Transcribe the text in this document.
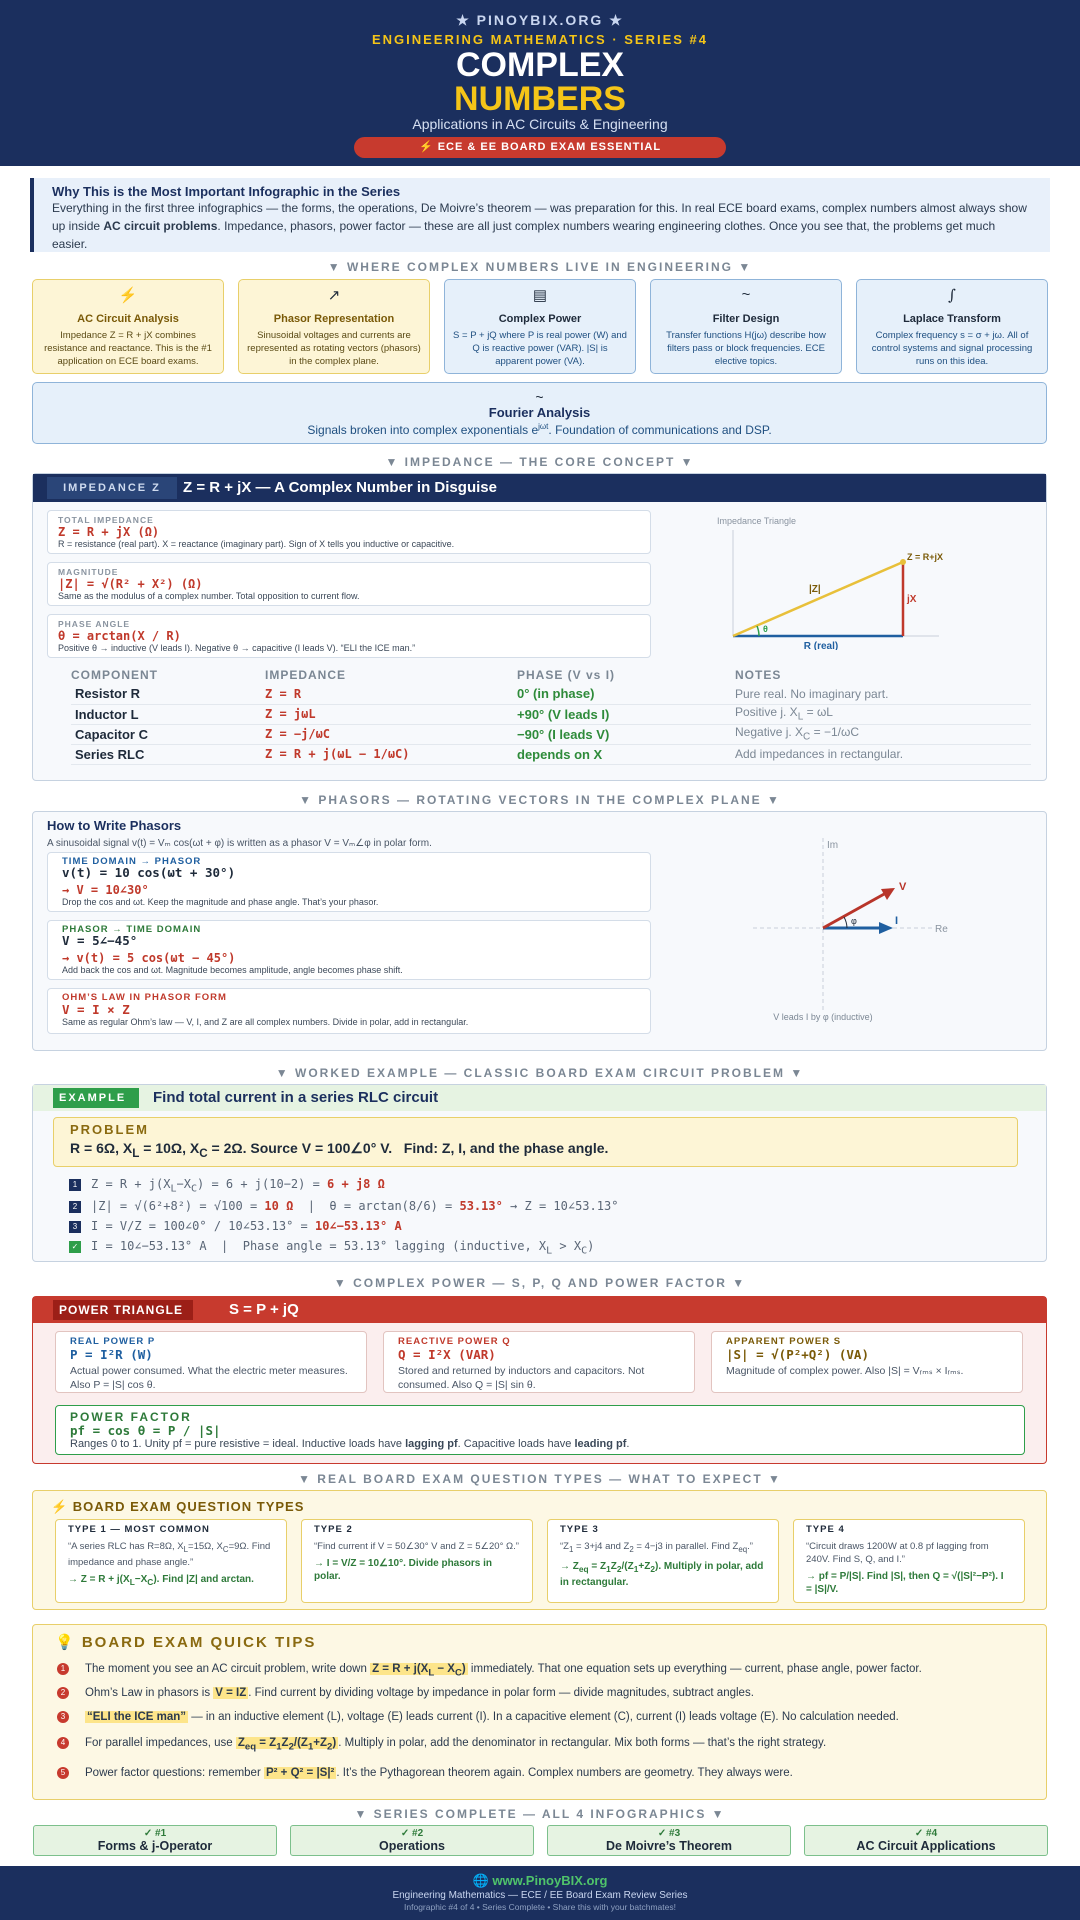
★ PINOYBIX.ORG ★
ENGINEERING MATHEMATICS · SERIES #4
COMPLEX
NUMBERS
Applications in AC Circuits & Engineering
⚡ ECE & EE BOARD EXAM ESSENTIAL
Why This is the Most Important Infographic in the Series

Everything in the first three infographics — the forms, the operations, De Moivre’s theorem — was preparation for this. In real ECE board exams, complex numbers almost always show up inside AC circuit problems. Impedance, phasors, power factor — these are all just complex numbers wearing engineering clothes. Once you see that, the problems get much easier.

▼ WHERE COMPLEX NUMBERS LIVE IN ENGINEERING ▼
⚡
AC Circuit Analysis
Impedance Z = R + jX combines resistance and reactance. This is the #1 application on ECE board exams.
↗
Phasor Representation
Sinusoidal voltages and currents are represented as rotating vectors (phasors) in the complex plane.
▤
Complex Power
S = P + jQ where P is real power (W) and Q is reactive power (VAR). |S| is apparent power (VA).
~
Filter Design
Transfer functions H(jω) describe how filters pass or block frequencies. ECE elective topics.
∫
Laplace Transform
Complex frequency s = σ + jω. All of control systems and signal processing runs on this idea.
~
Fourier Analysis
Signals broken into complex exponentials $e^{j\omega t}$. Foundation of communications and DSP.
▼ IMPEDANCE — THE CORE CONCEPT ▼
IMPEDANCE Z	Z = R + jX — A Complex Number in Disguise
TOTAL IMPEDANCE
Z = R + jX (Ω)
R = resistance (real part). X = reactance (imaginary part). Sign of X tells you inductive or capacitive.
MAGNITUDE
|Z| = √(R² + X²) (Ω)
Same as the modulus of a complex number. Total opposition to current flow.
PHASE ANGLE
θ = arctan(X / R)
Positive θ → inductive (V leads I). Negative θ → capacitive (I leads V). “ELI the ICE man.”
Impedance Triangle
θ
Z = R+jX
|Z|
jX
R (real)
COMPONENT	IMPEDANCE	PHASE (V vs I)	NOTES
Resistor R	Z = R	0° (in phase)	Pure real. No imaginary part.
Inductor L	Z = jωL	+90° (V leads I)	Positive j. $X_L = \omega L$
Capacitor C	Z = −j/ωC	−90° (I leads V)	Negative j. $X_C = -1/\omega C$
Series RLC	Z = R + j(ωL − 1/ωC)	depends on X	Add impedances in rectangular.
▼ PHASORS — ROTATING VECTORS IN THE COMPLEX PLANE ▼
How to Write Phasors
A sinusoidal signal v(t) = Vₘ cos(ωt + φ) is written as a phasor V = Vₘ∠φ in polar form.
TIME DOMAIN → PHASOR
v(t) = 10 cos(ωt + 30°)
→ V = 10∠30°
Drop the cos and ωt. Keep the magnitude and phase angle. That’s your phasor.
PHASOR → TIME DOMAIN
V = 5∠−45°
→ v(t) = 5 cos(ωt − 45°)
Add back the cos and ωt. Magnitude becomes amplitude, angle becomes phase shift.
OHM’S LAW IN PHASOR FORM
V = I × Z
Same as regular Ohm’s law — V, I, and Z are all complex numbers. Divide in polar, add in rectangular.
Im
Re
φ
V
I
V leads I by φ (inductive)
▼ WORKED EXAMPLE — CLASSIC BOARD EXAM CIRCUIT PROBLEM ▼
EXAMPLE	Find total current in a series RLC circuit
PROBLEM
R = 6Ω, $X_L = 10\Omega$, $X_C = 2\Omega$. Source V = 100∠0° V.   Find: Z, I, and the phase angle.
1 $Z = R + j(X_L-X_C) = 6 + j(10-2) = 6 + j8$ Ω
2 |Z| = √(6²+8²) = √100 = 10 Ω  |  θ = arctan(8/6) = 53.13° → Z = 10∠53.13°
3 I = V/Z = 100∠0° / 10∠53.13° = 10∠−53.13° A
✓ I = 10∠−53.13° A  |  Phase angle = 53.13° lagging (inductive, $X_L > X_C$)
▼ COMPLEX POWER — S, P, Q AND POWER FACTOR ▼
POWER TRIANGLE	S = P + jQ
REAL POWER P
P = I²R (W)
Actual power consumed. What the electric meter measures. Also P = |S| cos θ.
REACTIVE POWER Q
Q = I²X (VAR)
Stored and returned by inductors and capacitors. Not consumed. Also Q = |S| sin θ.
APPARENT POWER S
|S| = √(P²+Q²) (VA)
Magnitude of complex power. Also |S| = Vᵣₘₛ × Iᵣₘₛ.
POWER FACTOR
pf = cos θ = P / |S|
Ranges 0 to 1. Unity pf = pure resistive = ideal. Inductive loads have lagging pf. Capacitive loads have leading pf.
▼ REAL BOARD EXAM QUESTION TYPES — WHAT TO EXPECT ▼
⚡ BOARD EXAM QUESTION TYPES
TYPE 1 — MOST COMMON
“A series RLC has R=8Ω, $X_L=15\Omega$, $X_C=9\Omega$. Find impedance and phase angle.”
→ $Z = R + j(X_L-X_C)$. Find |Z| and arctan.
TYPE 2
“Find current if V = 50∠30° V and Z = 5∠20° Ω.”
→ I = V/Z = 10∠10°. Divide phasors in polar.
TYPE 3
“$Z_1 = 3+j4$ and $Z_2 = 4-j3$ in parallel. Find $Z_{eq}$.”
→ $Z_{eq} = Z_1Z_2/(Z_1+Z_2)$. Multiply in polar, add in rectangular.
TYPE 4
“Circuit draws 1200W at 0.8 pf lagging from 240V. Find S, Q, and I.”
→ pf = P/|S|. Find |S|, then Q = √(|S|²−P²). I = |S|/V.
💡 BOARD EXAM QUICK TIPS
1 The moment you see an AC circuit problem, write down $Z = R + j(X_L - X_C)$ immediately. That one equation sets up everything — current, phase angle, power factor.
2 Ohm’s Law in phasors is V = IZ . Find current by dividing voltage by impedance in polar form — divide magnitudes, subtract angles.
3 “ELI the ICE man” — in an inductive element (L), voltage (E) leads current (I). In a capacitive element (C), current (I) leads voltage (E). No calculation needed.
4 For parallel impedances, use $Z_{eq} = Z_1Z_2/(Z_1+Z_2)$ . Multiply in polar, add the denominator in rectangular. Mix both forms — that’s the right strategy.
5 Power factor questions: remember P² + Q² = |S|² . It’s the Pythagorean theorem again. Complex numbers are geometry. They always were.
▼ SERIES COMPLETE — ALL 4 INFOGRAPHICS ▼
✓ #1
Forms & j-Operator
✓ #2
Operations
✓ #3
De Moivre’s Theorem
✓ #4
AC Circuit Applications
🌐 www.PinoyBIX.org
Engineering Mathematics — ECE / EE Board Exam Review Series
Infographic #4 of 4 • Series Complete • Share this with your batchmates!
